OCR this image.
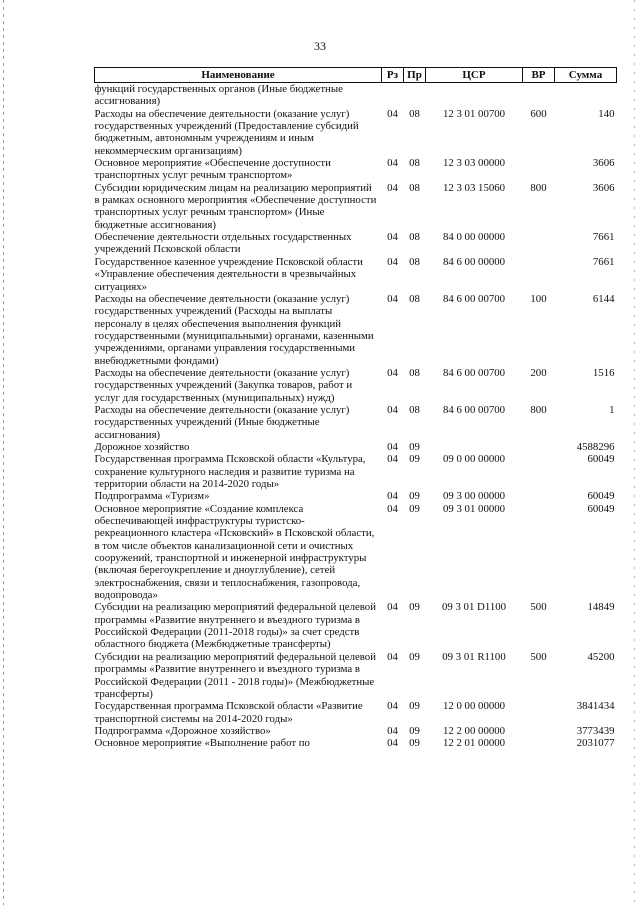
33
Наименование	Рз	Пр	ЦСР	ВР	Сумма
функций государственных органов (Иные бюджетные ассигнования)					
Расходы на обеспечение деятельности (оказание услуг) государственных учреждений (Предоставление субсидий бюджетным, автономным учреждениям и иным некоммерческим организациям)	04	08	12 3 01 00700	600	140
Основное мероприятие «Обеспечение доступности транспортных услуг речным транспортом»	04	08	12 3 03 00000		3606
Субсидии юридическим лицам на реализацию мероприятий в рамках основного мероприятия «Обеспечение доступности транспортных услуг речным транспортом» (Иные бюджетные ассигнования)	04	08	12 3 03 15060	800	3606
Обеспечение деятельности отдельных государственных учреждений Псковской области	04	08	84 0 00 00000		7661
Государственное казенное учреждение Псковской области «Управление обеспечения деятельности в чрезвычайных ситуациях»	04	08	84 6 00 00000		7661
Расходы на обеспечение деятельности (оказание услуг) государственных учреждений (Расходы на выплаты персоналу в целях обеспечения выполнения функций государственными (муниципальными) органами, казенными учреждениями, органами управления государственными внебюджетными фондами)	04	08	84 6 00 00700	100	6144
Расходы на обеспечение деятельности (оказание услуг) государственных учреждений (Закупка товаров, работ и услуг для государственных (муниципальных) нужд)	04	08	84 6 00 00700	200	1516
Расходы на обеспечение деятельности (оказание услуг) государственных учреждений (Иные бюджетные ассигнования)	04	08	84 6 00 00700	800	1
Дорожное хозяйство	04	09			4588296
Государственная программа Псковской области «Культура, сохранение культурного наследия и развитие туризма на территории области на 2014-2020 годы»	04	09	09 0 00 00000		60049
Подпрограмма «Туризм»	04	09	09 3 00 00000		60049
Основное мероприятие «Создание комплекса обеспечивающей инфраструктуры туристско-рекреационного кластера «Псковский» в Псковской области, в том числе объектов канализационной сети и очистных сооружений, транспортной и инженерной инфраструктуры (включая берегоукрепление и дноуглубление), сетей электроснабжения, связи и теплоснабжения, газопровода, водопровода»	04	09	09 3 01 00000		60049
Субсидии на реализацию мероприятий федеральной целевой программы «Развитие внутреннего и въездного туризма в Российской Федерации (2011-2018 годы)» за счет средств областного бюджета (Межбюджетные трансферты)	04	09	09 3 01 D1100	500	14849
Субсидии на реализацию мероприятий федеральной целевой программы «Развитие внутреннего и въездного туризма в Российской Федерации (2011 - 2018 годы)» (Межбюджетные трансферты)	04	09	09 3 01 R1100	500	45200
Государственная программа Псковской области «Развитие транспортной системы на 2014-2020 годы»	04	09	12 0 00 00000		3841434
Подпрограмма «Дорожное хозяйство»	04	09	12 2 00 00000		3773439
Основное мероприятие «Выполнение работ по	04	09	12 2 01 00000		2031077
